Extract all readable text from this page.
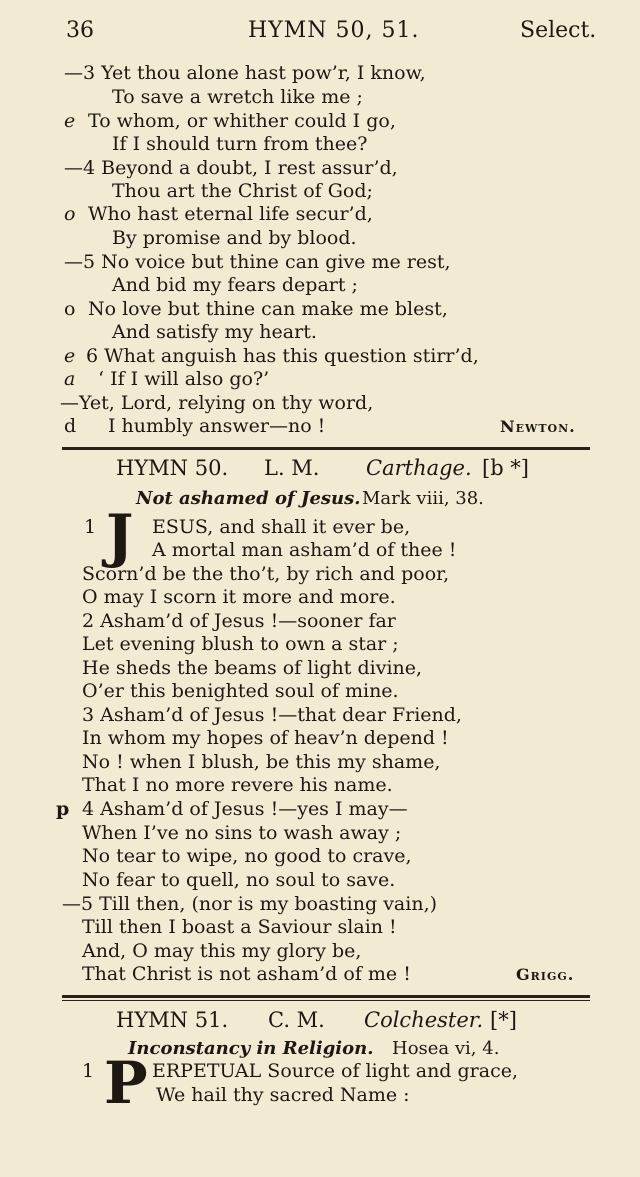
36	HYMN 50, 51.	Select.
—3 Yet thou alone hast pow’r, I know,
To save a wretch like me ;
e To whom, or whither could I go,
If I should turn from thee?
—4 Beyond a doubt, I rest assur’d,
Thou art the Christ of God;
o Who hast eternal life secur’d,
By promise and by blood.
—5 No voice but thine can give me rest,
And bid my fears depart ;
o No love but thine can make me blest,
And satisfy my heart.
e 6 What anguish has this question stirr’d,
a ‘ If I will also go?’
—Yet, Lord, relying on thy word,
d I humbly answer—no !	Newton.
HYMN 50. L. M. Carthage. [b *]
Not ashamed of Jesus. Mark viii, 38.
1 J ESUS, and shall it ever be,
A mortal man asham’d of thee !
Scorn’d be the tho’t, by rich and poor,
O may I scorn it more and more.
2 Asham’d of Jesus !—sooner far
Let evening blush to own a star ;
He sheds the beams of light divine,
O’er this benighted soul of mine.
3 Asham’d of Jesus !—that dear Friend,
In whom my hopes of heav’n depend !
No ! when I blush, be this my shame,
That I no more revere his name.
p 4 Asham’d of Jesus !—yes I may—
When I’ve no sins to wash away ;
No tear to wipe, no good to crave,
No fear to quell, no soul to save.
—5 Till then, (nor is my boasting vain,)
Till then I boast a Saviour slain !
And, O may this my glory be,
That Christ is not asham’d of me !	Grigg.
HYMN 51. C. M. Colchester. [*]
Inconstancy in Religion. Hosea vi, 4.
1 P ERPETUAL Source of light and grace,
We hail thy sacred Name :
